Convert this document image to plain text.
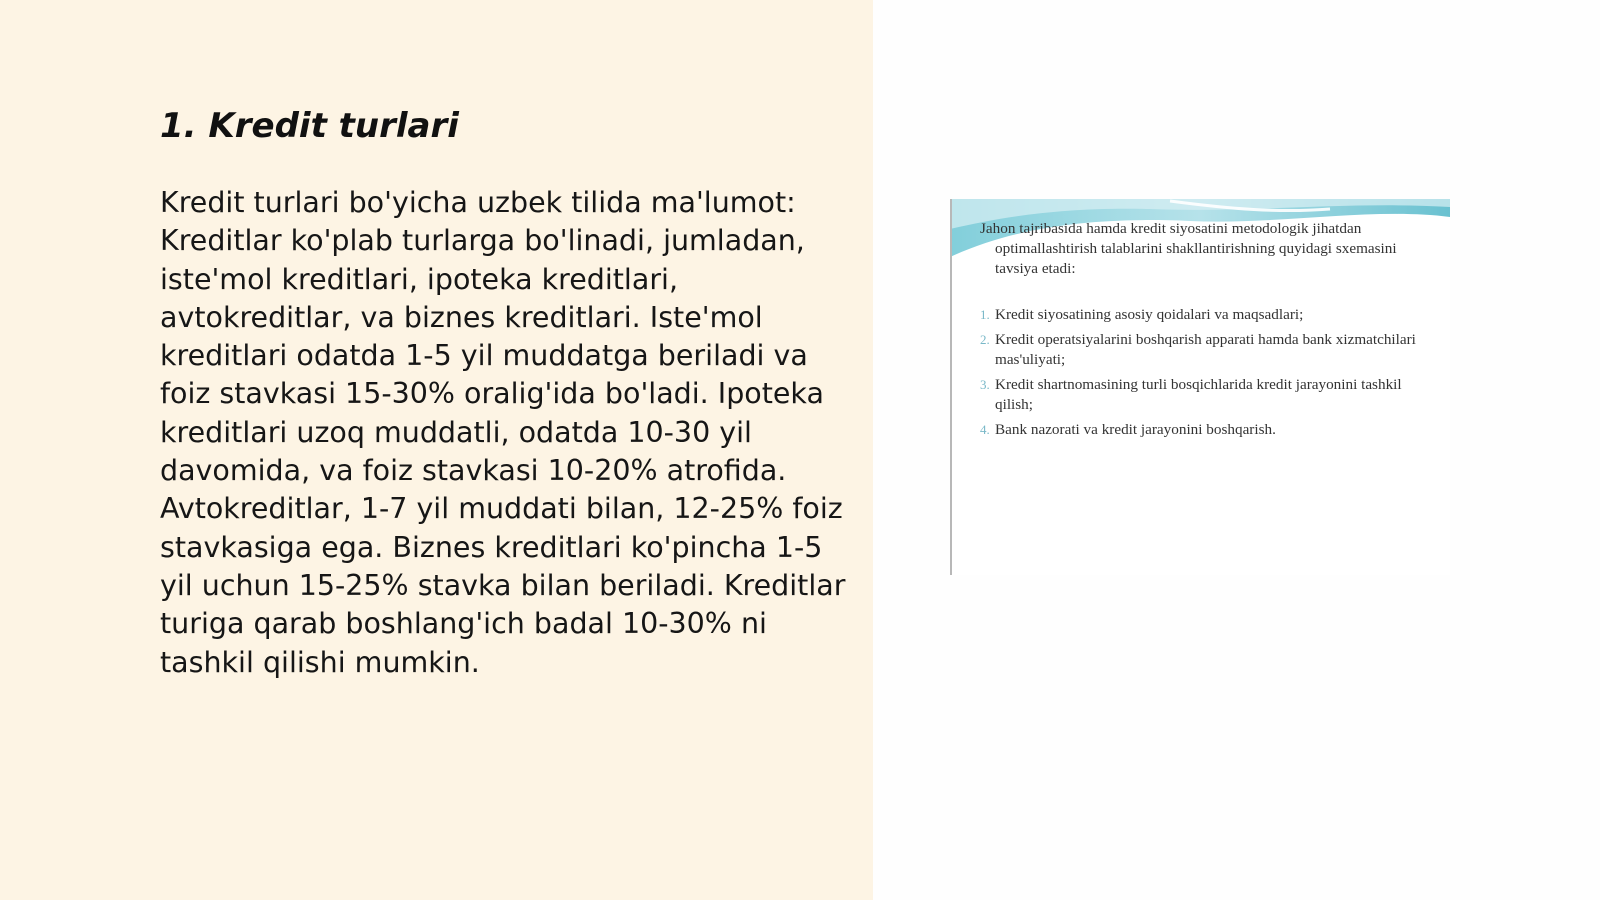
1. Kredit turlari

Kredit turlari bo'yicha uzbek tilida ma'lumot: Kreditlar ko'plab turlarga bo'linadi, jumladan, iste'mol kreditlari, ipoteka kreditlari, avtokreditlar, va biznes kreditlari. Iste'mol kreditlari odatda 1-5 yil muddatga beriladi va foiz stavkasi 15-30% oralig'ida bo'ladi. Ipoteka kreditlari uzoq muddatli, odatda 10-30 yil davomida, va foiz stavkasi 10-20% atrofida. Avtokreditlar, 1-7 yil muddati bilan, 12-25% foiz stavkasiga ega. Biznes kreditlari ko'pincha 1-5 yil uchun 15-25% stavka bilan beriladi. Kreditlar turiga qarab boshlang'ich badal 10-30% ni tashkil qilishi mumkin.

Jahon tajribasida hamda kredit siyosatini metodologik jihatdan optimallashtirish talablarini shakllantirishning quyidagi sxemasini tavsiya etadi:

1. Kredit siyosatining asosiy qoidalari va maqsadlari;
2. Kredit operatsiyalarini boshqarish apparati hamda bank xizmatchilari mas'uliyati;
3. Kredit shartnomasining turli bosqichlarida kredit jarayonini tashkil qilish;
4. Bank nazorati va kredit jarayonini boshqarish.
